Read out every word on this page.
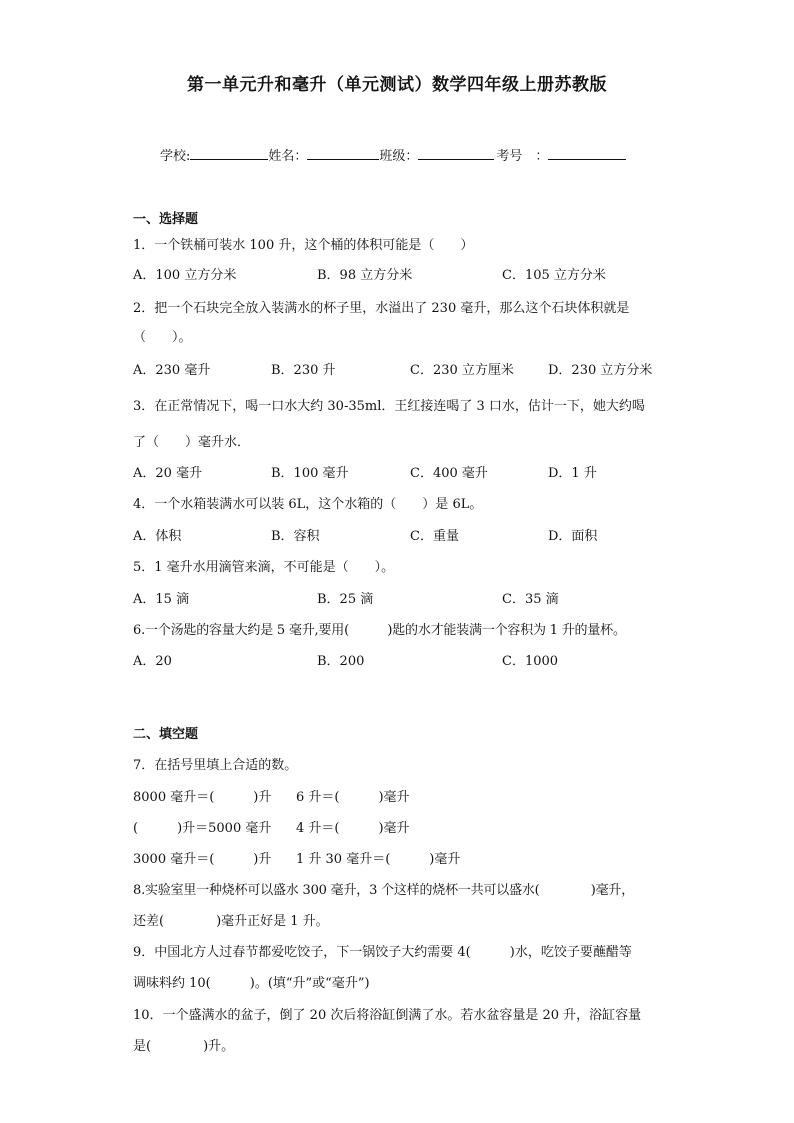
第一单元升和毫升（单元测试）数学四年级上册苏教版
学校:	姓名：	班级：	考号　：
一、选择题
1．一个铁桶可装水 100 升，这个桶的体积可能是（　　）
A．100 立方分米	B．98 立方分米	C．105 立方分米
2．把一个石块完全放入装满水的杯子里，水溢出了 230 毫升，那么这个石块体积就是
（　　）。
A．230 毫升	B．230 升	C．230 立方厘米	D．230 立方分米
3．在正常情况下，喝一口水大约 30-35ml．王红接连喝了 3 口水，估计一下，她大约喝
了（　　）毫升水．
A．20 毫升	B．100 毫升	C．400 毫升	D．1 升
4．一个水箱装满水可以装 6L，这个水箱的（　　）是 6L。
A．体积	B．容积	C．重量	D．面积
5．1 毫升水用滴管来滴，不可能是（　　）。
A．15 滴	B．25 滴	C．35 滴
6.一个汤匙的容量大约是 5 毫升,要用(　　　)匙的水才能装满一个容积为 1 升的量杯。
A．20	B．200	C．1000
二、填空题
7．在括号里填上合适的数。
8000 毫升＝(　　　)升 6 升＝(　　　)毫升
(　　　)升＝5000 毫升 4 升＝(　　　)毫升
3000 毫升＝(　　　)升 1 升 30 毫升＝(　　　)毫升
8.实验室里一种烧杯可以盛水 300 毫升，3 个这样的烧杯一共可以盛水(　　　　)毫升，
还差(　　　　)毫升正好是 1 升。
9．中国北方人过春节都爱吃饺子，下一锅饺子大约需要 4(　　　)水，吃饺子要蘸醋等
调味料约 10(　　　)。(填“升”或“毫升”)
10．一个盛满水的盆子，倒了 20 次后将浴缸倒满了水。若水盆容量是 20 升，浴缸容量
是(　　　　)升。
